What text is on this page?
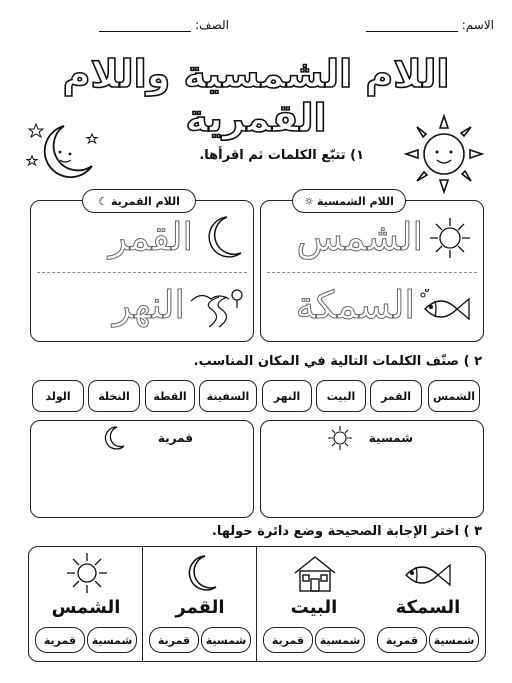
الاسم:
الصف:
اللام الشمسية واللام القمرية
١) تتبّع الكلمات ثم اقرأها.
الشمس
السمكة
اللام الشمسية
☼
القمر
النهر
اللام القمرية
☾
٢ ) صنّف الكلمات التالية في المكان المناسب.
الشمس
القمر
البيت
النهر
السفينة
القطة
النخلة
الولد
شمسية
قمرية
٣ ) اختر الإجابة الصحيحة وضع دائرة حولها.
السمكة
شمسية
قمرية
البيت
شمسية
قمرية
القمر
شمسية
قمرية
الشمس
شمسية
قمرية
